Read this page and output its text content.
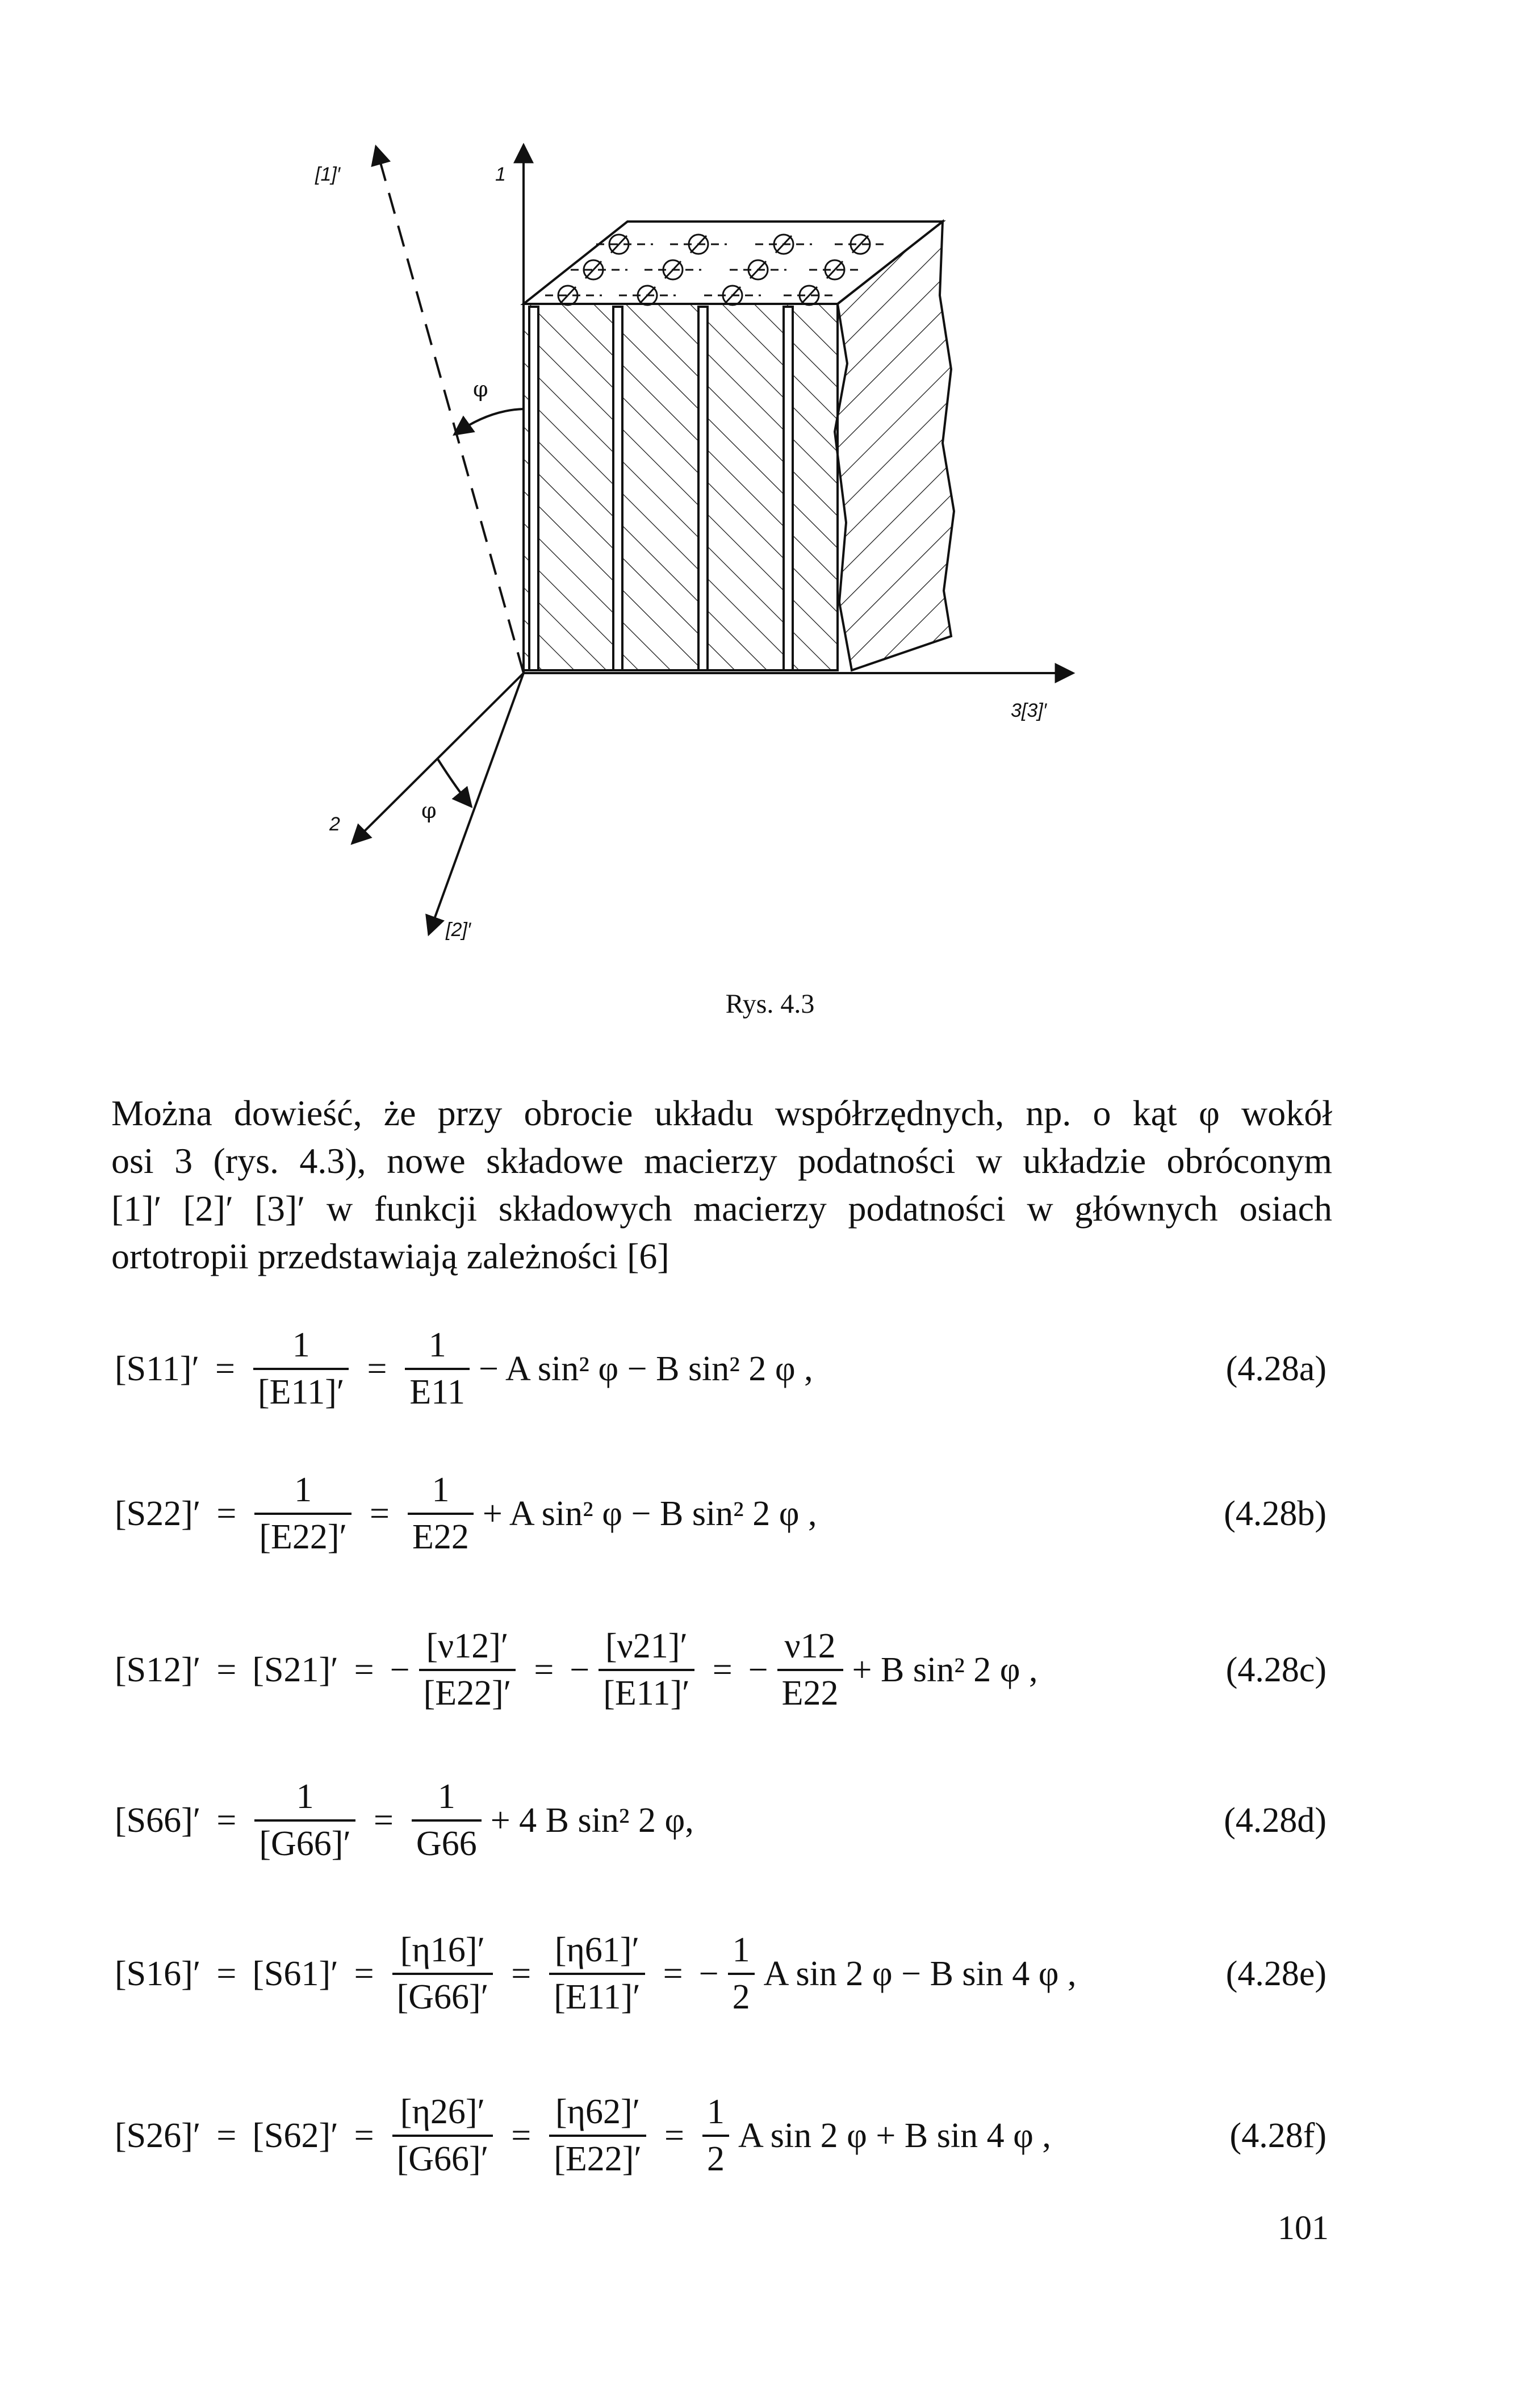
[1]′	1
φ
3[3]′
2
φ
[2]′
Rys. 4.3
Można dowieść, że przy obrocie układu współrzędnych, np. o kąt φ wokół
osi 3 (rys. 4.3), nowe składowe macierzy podatności w układzie obróconym
[1]′ [2]′ [3]′ w funkcji składowych macierzy podatności w głównych osiach
ortotropii przedstawiają zależności [6]
$[S11]' = \frac{1}{[E11]'} = \frac{1}{E11} - A$ sin² φ − B sin² 2 φ ,	(4.28a)
$[S22]' = \frac{1}{[E22]'} = \frac{1}{E22} + A$ sin² φ − B sin² 2 φ ,	(4.28b)
[S12]′ = [S21]′ = − $\frac{[\nu 12]'}{[E22]'}$ = − $\frac{[\nu 21]'}{[E11]'}$ = − $\frac{\nu 12}{E22} + B$ sin² 2 φ ,	(4.28c)
$[S66]' = \frac{1}{[G66]'} = \frac{1}{G66} + 4$ B sin² 2 φ,	(4.28d)
$[S16]' = [S61]' = \frac{[\eta 16]'}{[G66]'} = \frac{[\eta 61]'}{[E11]'}$ = − $\frac{1}{2}$ A sin 2 φ − B sin 4 φ ,	(4.28e)
$[S26]' = [S62]' = \frac{[\eta 26]'}{[G66]'} = \frac{[\eta 62]'}{[E22]'} = \frac{1}{2}$ A sin 2 φ + B sin 4 φ ,	(4.28f)
101
